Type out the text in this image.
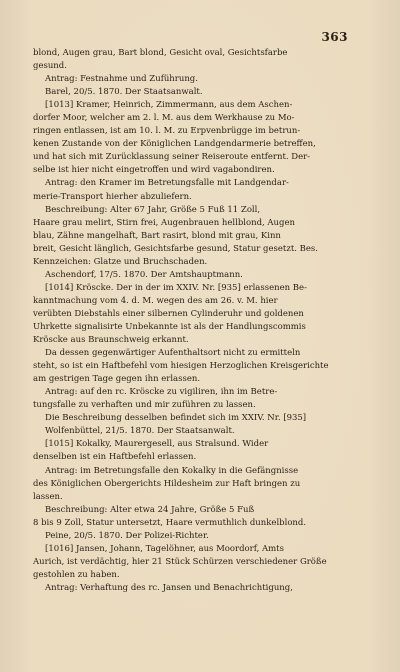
363
blond, Augen grau, Bart blond, Gesicht oval, Gesichtsfarbe
gesund.
Antrag: Festnahme und Zuführung.
Barel, 20/5. 1870. Der Staatsanwalt.
[1013] Kramer, Heinrich, Zimmermann, aus dem Aschen-
dorfer Moor, welcher am 2. l. M. aus dem Werkhause zu Mo-
ringen entlassen, ist am 10. l. M. zu Erpvenbrügge im betrun-
kenen Zustande von der Königlichen Landgendarmerie betreffen,
und hat sich mit Zurücklassung seiner Reiseroute entfernt. Der-
selbe ist hier nicht eingetroffen und wird vagabondiren.
Antrag: den Kramer im Betretungsfalle mit Landgendar-
merie-Transport hierher abzuliefern.
Beschreibung: Alter 67 Jahr, Größe 5 Fuß 11 Zoll,
Haare grau melirt, Stirn frei, Augenbrauen hellblond, Augen
blau, Zähne mangelhaft, Bart rasirt, blond mit grau, Kinn
breit, Gesicht länglich, Gesichtsfarbe gesund, Statur gesetzt. Bes.
Kennzeichen: Glatze und Bruchschaden.
Aschendorf, 17/5. 1870. Der Amtshauptmann.
[1014] Kröscke. Der in der im XXIV. Nr. [935] erlassenen Be-
kanntmachung vom 4. d. M. wegen des am 26. v. M. hier
verübten Diebstahls einer silbernen Cylinderuhr und goldenen
Uhrkette signalisirte Unbekannte ist als der Handlungscommis
Kröscke aus Braunschweig erkannt.
Da dessen gegenwärtiger Aufenthaltsort nicht zu ermitteln
steht, so ist ein Haftbefehl vom hiesigen Herzoglichen Kreisgerichte
am gestrigen Tage gegen ihn erlassen.
Antrag: auf den rc. Kröscke zu vigiliren, ihn im Betre-
tungsfalle zu verhaften und mir zuführen zu lassen.
Die Beschreibung desselben befindet sich im XXIV. Nr. [935]
Wolfenbüttel, 21/5. 1870. Der Staatsanwalt.
[1015] Kokalky, Maurergesell, aus Stralsund. Wider
denselben ist ein Haftbefehl erlassen.
Antrag: im Betretungsfalle den Kokalky in die Gefängnisse
des Königlichen Obergerichts Hildesheim zur Haft bringen zu
lassen.
Beschreibung: Alter etwa 24 Jahre, Größe 5 Fuß
8 bis 9 Zoll, Statur untersetzt, Haare vermuthlich dunkelblond.
Peine, 20/5. 1870. Der Polizei-Richter.
[1016] Jansen, Johann, Tagelöhner, aus Moordorf, Amts
Aurich, ist verdächtig, hier 21 Stück Schürzen verschiedener Größe
gestohlen zu haben.
Antrag: Verhaftung des rc. Jansen und Benachrichtigung,
